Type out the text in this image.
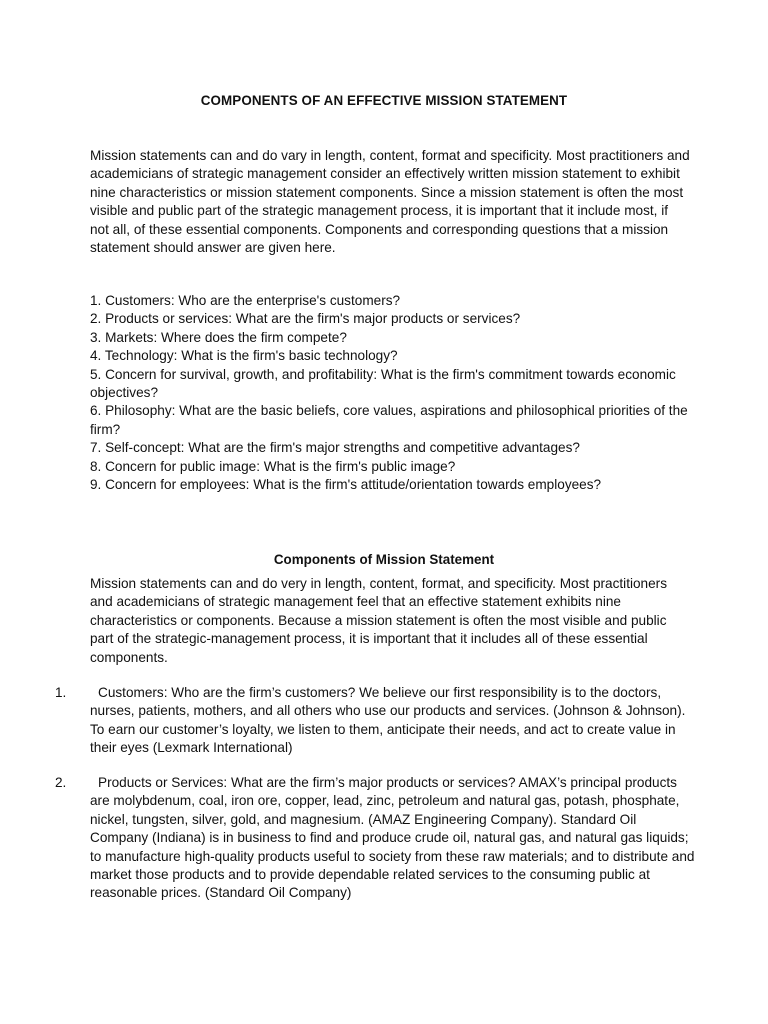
COMPONENTS OF AN EFFECTIVE MISSION STATEMENT

Mission statements can and do vary in length, content, format and specificity. Most practitioners and academicians of strategic management consider an effectively written mission statement to exhibit nine characteristics or mission statement components. Since a mission statement is often the most visible and public part of the strategic management process, it is important that it include most, if not all, of these essential components. Components and corresponding questions that a mission statement should answer are given here.

1. Customers: Who are the enterprise's customers?
2. Products or services: What are the firm's major products or services?
3. Markets: Where does the firm compete?
4. Technology: What is the firm's basic technology?
5. Concern for survival, growth, and profitability: What is the firm's commitment towards economic objectives?
6. Philosophy: What are the basic beliefs, core values, aspirations and philosophical priorities of the firm?
7. Self-concept: What are the firm's major strengths and competitive advantages?
8. Concern for public image: What is the firm's public image?
9. Concern for employees: What is the firm's attitude/orientation towards employees?
Components of Mission Statement

Mission statements can and do very in length, content, format, and specificity. Most practitioners and academicians of strategic management feel that an effective statement exhibits nine characteristics or components. Because a mission statement is often the most visible and public part of the strategic-management process, it is important that it includes all of these essential components.

1.	Customers: Who are the firm’s customers? We believe our first responsibility is to the doctors, nurses, patients, mothers, and all others who use our products and services. (Johnson & Johnson). To earn our customer’s loyalty, we listen to them, anticipate their needs, and act to create value in their eyes (Lexmark International)
2.	Products or Services: What are the firm’s major products or services? AMAX’s principal products are molybdenum, coal, iron ore, copper, lead, zinc, petroleum and natural gas, potash, phosphate, nickel, tungsten, silver, gold, and magnesium. (AMAZ Engineering Company). Standard Oil Company (Indiana) is in business to find and produce crude oil, natural gas, and natural gas liquids; to manufacture high-quality products useful to society from these raw materials; and to distribute and market those products and to provide dependable related services to the consuming public at reasonable prices. (Standard Oil Company)
